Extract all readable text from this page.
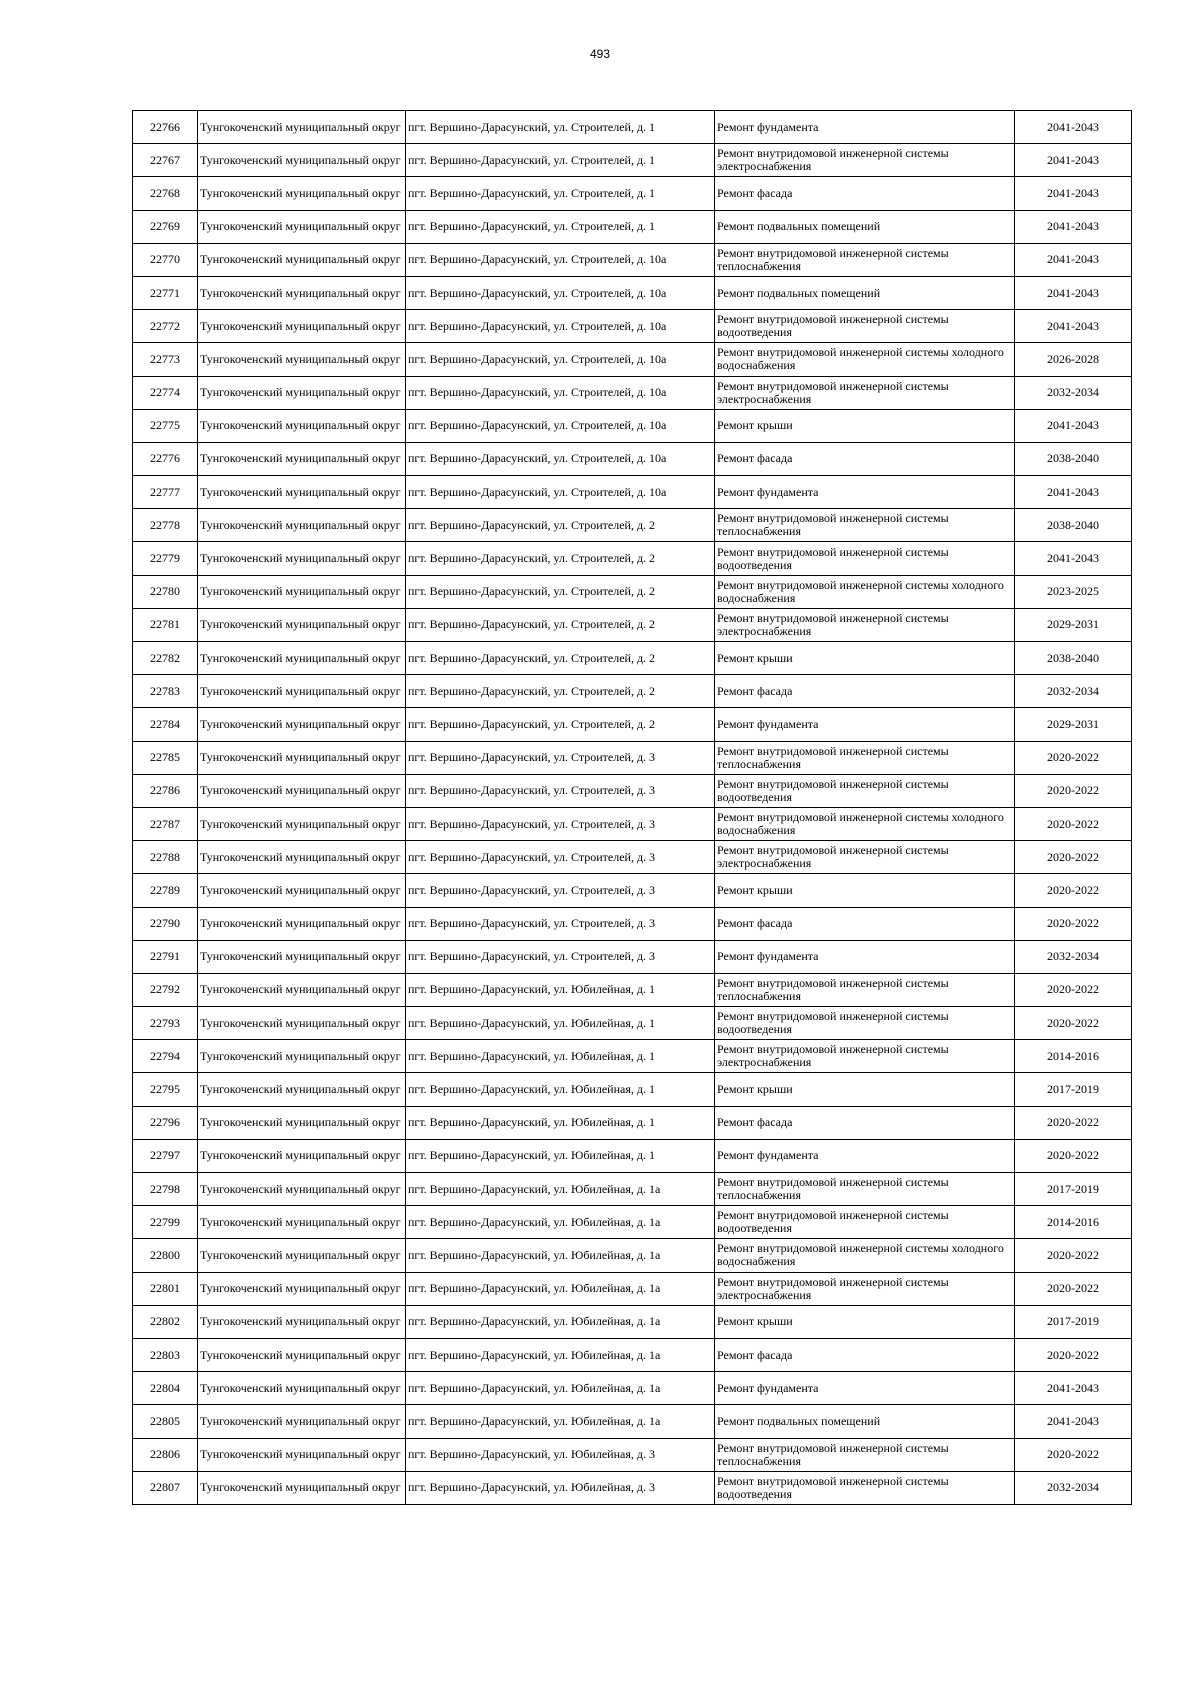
493
22766	Тунгокоченский муниципальный округ	пгт. Вершино-Дарасунский, ул. Строителей, д. 1	Ремонт фундамента	2041-2043
22767	Тунгокоченский муниципальный округ	пгт. Вершино-Дарасунский, ул. Строителей, д. 1	Ремонт внутридомовой инженерной системы электроснабжения	2041-2043
22768	Тунгокоченский муниципальный округ	пгт. Вершино-Дарасунский, ул. Строителей, д. 1	Ремонт фасада	2041-2043
22769	Тунгокоченский муниципальный округ	пгт. Вершино-Дарасунский, ул. Строителей, д. 1	Ремонт подвальных помещений	2041-2043
22770	Тунгокоченский муниципальный округ	пгт. Вершино-Дарасунский, ул. Строителей, д. 10а	Ремонт внутридомовой инженерной системы теплоснабжения	2041-2043
22771	Тунгокоченский муниципальный округ	пгт. Вершино-Дарасунский, ул. Строителей, д. 10а	Ремонт подвальных помещений	2041-2043
22772	Тунгокоченский муниципальный округ	пгт. Вершино-Дарасунский, ул. Строителей, д. 10а	Ремонт внутридомовой инженерной системы водоотведения	2041-2043
22773	Тунгокоченский муниципальный округ	пгт. Вершино-Дарасунский, ул. Строителей, д. 10а	Ремонт внутридомовой инженерной системы холодного водоснабжения	2026-2028
22774	Тунгокоченский муниципальный округ	пгт. Вершино-Дарасунский, ул. Строителей, д. 10а	Ремонт внутридомовой инженерной системы электроснабжения	2032-2034
22775	Тунгокоченский муниципальный округ	пгт. Вершино-Дарасунский, ул. Строителей, д. 10а	Ремонт крыши	2041-2043
22776	Тунгокоченский муниципальный округ	пгт. Вершино-Дарасунский, ул. Строителей, д. 10а	Ремонт фасада	2038-2040
22777	Тунгокоченский муниципальный округ	пгт. Вершино-Дарасунский, ул. Строителей, д. 10а	Ремонт фундамента	2041-2043
22778	Тунгокоченский муниципальный округ	пгт. Вершино-Дарасунский, ул. Строителей, д. 2	Ремонт внутридомовой инженерной системы теплоснабжения	2038-2040
22779	Тунгокоченский муниципальный округ	пгт. Вершино-Дарасунский, ул. Строителей, д. 2	Ремонт внутридомовой инженерной системы водоотведения	2041-2043
22780	Тунгокоченский муниципальный округ	пгт. Вершино-Дарасунский, ул. Строителей, д. 2	Ремонт внутридомовой инженерной системы холодного водоснабжения	2023-2025
22781	Тунгокоченский муниципальный округ	пгт. Вершино-Дарасунский, ул. Строителей, д. 2	Ремонт внутридомовой инженерной системы электроснабжения	2029-2031
22782	Тунгокоченский муниципальный округ	пгт. Вершино-Дарасунский, ул. Строителей, д. 2	Ремонт крыши	2038-2040
22783	Тунгокоченский муниципальный округ	пгт. Вершино-Дарасунский, ул. Строителей, д. 2	Ремонт фасада	2032-2034
22784	Тунгокоченский муниципальный округ	пгт. Вершино-Дарасунский, ул. Строителей, д. 2	Ремонт фундамента	2029-2031
22785	Тунгокоченский муниципальный округ	пгт. Вершино-Дарасунский, ул. Строителей, д. 3	Ремонт внутридомовой инженерной системы теплоснабжения	2020-2022
22786	Тунгокоченский муниципальный округ	пгт. Вершино-Дарасунский, ул. Строителей, д. 3	Ремонт внутридомовой инженерной системы водоотведения	2020-2022
22787	Тунгокоченский муниципальный округ	пгт. Вершино-Дарасунский, ул. Строителей, д. 3	Ремонт внутридомовой инженерной системы холодного водоснабжения	2020-2022
22788	Тунгокоченский муниципальный округ	пгт. Вершино-Дарасунский, ул. Строителей, д. 3	Ремонт внутридомовой инженерной системы электроснабжения	2020-2022
22789	Тунгокоченский муниципальный округ	пгт. Вершино-Дарасунский, ул. Строителей, д. 3	Ремонт крыши	2020-2022
22790	Тунгокоченский муниципальный округ	пгт. Вершино-Дарасунский, ул. Строителей, д. 3	Ремонт фасада	2020-2022
22791	Тунгокоченский муниципальный округ	пгт. Вершино-Дарасунский, ул. Строителей, д. 3	Ремонт фундамента	2032-2034
22792	Тунгокоченский муниципальный округ	пгт. Вершино-Дарасунский, ул. Юбилейная, д. 1	Ремонт внутридомовой инженерной системы теплоснабжения	2020-2022
22793	Тунгокоченский муниципальный округ	пгт. Вершино-Дарасунский, ул. Юбилейная, д. 1	Ремонт внутридомовой инженерной системы водоотведения	2020-2022
22794	Тунгокоченский муниципальный округ	пгт. Вершино-Дарасунский, ул. Юбилейная, д. 1	Ремонт внутридомовой инженерной системы электроснабжения	2014-2016
22795	Тунгокоченский муниципальный округ	пгт. Вершино-Дарасунский, ул. Юбилейная, д. 1	Ремонт крыши	2017-2019
22796	Тунгокоченский муниципальный округ	пгт. Вершино-Дарасунский, ул. Юбилейная, д. 1	Ремонт фасада	2020-2022
22797	Тунгокоченский муниципальный округ	пгт. Вершино-Дарасунский, ул. Юбилейная, д. 1	Ремонт фундамента	2020-2022
22798	Тунгокоченский муниципальный округ	пгт. Вершино-Дарасунский, ул. Юбилейная, д. 1а	Ремонт внутридомовой инженерной системы теплоснабжения	2017-2019
22799	Тунгокоченский муниципальный округ	пгт. Вершино-Дарасунский, ул. Юбилейная, д. 1а	Ремонт внутридомовой инженерной системы водоотведения	2014-2016
22800	Тунгокоченский муниципальный округ	пгт. Вершино-Дарасунский, ул. Юбилейная, д. 1а	Ремонт внутридомовой инженерной системы холодного водоснабжения	2020-2022
22801	Тунгокоченский муниципальный округ	пгт. Вершино-Дарасунский, ул. Юбилейная, д. 1а	Ремонт внутридомовой инженерной системы электроснабжения	2020-2022
22802	Тунгокоченский муниципальный округ	пгт. Вершино-Дарасунский, ул. Юбилейная, д. 1а	Ремонт крыши	2017-2019
22803	Тунгокоченский муниципальный округ	пгт. Вершино-Дарасунский, ул. Юбилейная, д. 1а	Ремонт фасада	2020-2022
22804	Тунгокоченский муниципальный округ	пгт. Вершино-Дарасунский, ул. Юбилейная, д. 1а	Ремонт фундамента	2041-2043
22805	Тунгокоченский муниципальный округ	пгт. Вершино-Дарасунский, ул. Юбилейная, д. 1а	Ремонт подвальных помещений	2041-2043
22806	Тунгокоченский муниципальный округ	пгт. Вершино-Дарасунский, ул. Юбилейная, д. 3	Ремонт внутридомовой инженерной системы теплоснабжения	2020-2022
22807	Тунгокоченский муниципальный округ	пгт. Вершино-Дарасунский, ул. Юбилейная, д. 3	Ремонт внутридомовой инженерной системы водоотведения	2032-2034
